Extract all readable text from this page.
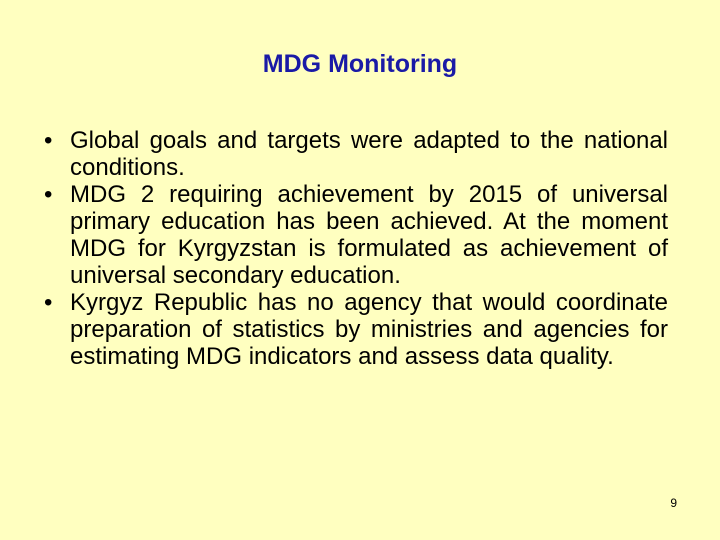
MDG Monitoring
• Global goals and targets were adapted to the national conditions.
• MDG 2 requiring achievement by 2015 of universal primary education has been achieved. At the moment MDG for Kyrgyzstan is formulated as achievement of universal secondary education.
• Kyrgyz Republic has no agency that would coordinate preparation of statistics by ministries and agencies for estimating MDG indicators and assess data quality.
9
